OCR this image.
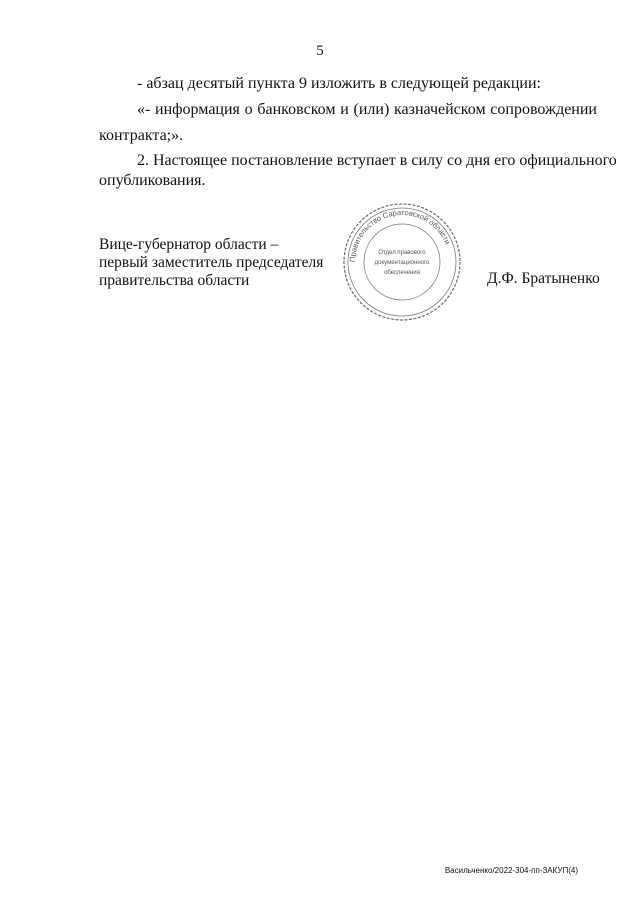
5
- абзац десятый пункта 9 изложить в следующей редакции:
«- информация о банковском и (или) казначейском сопровождении
контракта;».
2. Настоящее постановление вступает в силу со дня его официального
опубликования.
Вице-губернатор области –
первый заместитель председателя
правительства области
Правительство Саратовской области
Отдел правового
документационного
обеспечения	Д.Ф. Братыненко
Васильченко/2022-304-пп-ЗАКУП(4)
